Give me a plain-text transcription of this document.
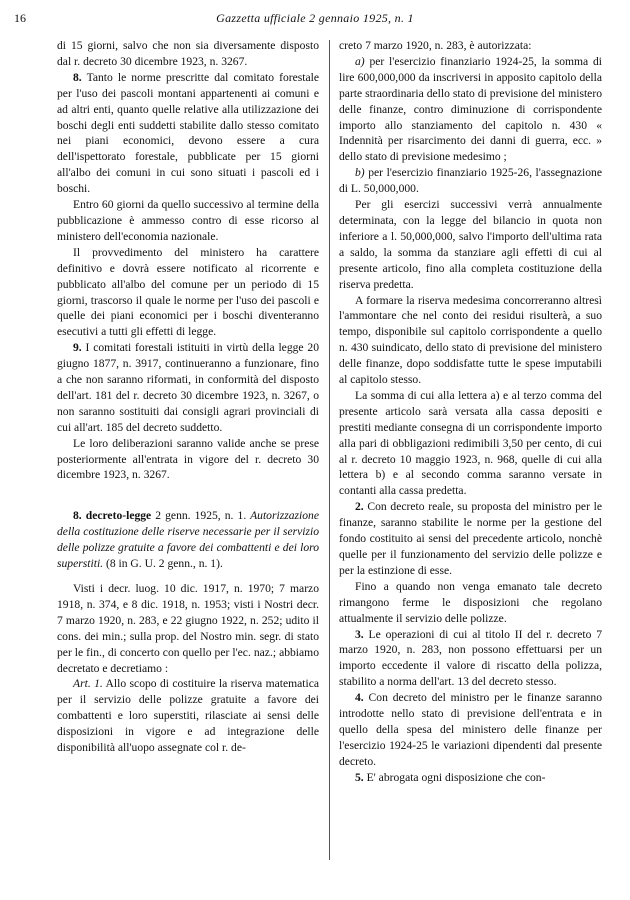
16	Gazzetta ufficiale 2 gennaio 1925, n. 1

di 15 giorni, salvo che non sia diversamente disposto dal r. decreto 30 dicembre 1923, n. 3267.

8. Tanto le norme prescritte dal comitato forestale per l'uso dei pascoli montani appartenenti ai comuni e ad altri enti, quanto quelle relative alla utilizzazione dei boschi degli enti suddetti stabilite dallo stesso comitato nei piani economici, devono essere a cura dell'ispettorato forestale, pubblicate per 15 giorni all'albo dei comuni in cui sono situati i pascoli ed i boschi.

Entro 60 giorni da quello successivo al termine della pubblicazione è ammesso contro di esse ricorso al ministero dell'economia nazionale.

Il provvedimento del ministero ha carattere definitivo e dovrà essere notificato al ricorrente e pubblicato all'albo del comune per un periodo di 15 giorni, trascorso il quale le norme per l'uso dei pascoli e quelle dei piani economici per i boschi diventeranno esecutivi a tutti gli effetti di legge.

9. I comitati forestali istituiti in virtù della legge 20 giugno 1877, n. 3917, continueranno a funzionare, fino a che non saranno riformati, in conformità del disposto dell'art. 181 del r. decreto 30 dicembre 1923, n. 3267, o non saranno sostituiti dai consigli agrari provinciali di cui all'art. 185 del decreto suddetto.

Le loro deliberazioni saranno valide anche se prese posteriormente all'entrata in vigore del r. decreto 30 dicembre 1923, n. 3267.

8. decreto-legge 2 genn. 1925, n. 1. Autorizzazione della costituzione delle riserve necessarie per il servizio delle polizze gratuite a favore dei combattenti e dei loro superstiti. (8 in G. U. 2 genn., n. 1).

Visti i decr. luog. 10 dic. 1917, n. 1970; 7 marzo 1918, n. 374, e 8 dic. 1918, n. 1953; visti i Nostri decr. 7 marzo 1920, n. 283, e 22 giugno 1922, n. 252; udito il cons. dei min.; sulla prop. del Nostro min. segr. di stato per le fin., di concerto con quello per l'ec. naz.; abbiamo decretato e decretiamo :

Art. 1. Allo scopo di costituire la riserva matematica per il servizio delle polizze gratuite a favore dei combattenti e loro superstiti, rilasciate ai sensi delle disposizioni in vigore e ad integrazione delle disponibilità all'uopo assegnate col r. de-

creto 7 marzo 1920, n. 283, è autorizzata:

a) per l'esercizio finanziario 1924-25, la somma di lire 600,000,000 da inscriversi in apposito capitolo della parte straordinaria dello stato di previsione del ministero delle finanze, contro diminuzione di corrispondente importo allo stanziamento del capitolo n. 430 « Indennità per risarcimento dei danni di guerra, ecc. » dello stato di previsione medesimo ;

b) per l'esercizio finanziario 1925-26, l'assegnazione di L. 50,000,000.

Per gli esercizi successivi verrà annualmente determinata, con la legge del bilancio in quota non inferiore a l. 50,000,000, salvo l'importo dell'ultima rata a saldo, la somma da stanziare agli effetti di cui al presente articolo, fino alla completa costituzione della riserva predetta.

A formare la riserva medesima concorreranno altresì l'ammontare che nel conto dei residui risulterà, a suo tempo, disponibile sul capitolo corrispondente a quello n. 430 suindicato, dello stato di previsione del ministero delle finanze, dopo soddisfatte tutte le spese imputabili al capitolo stesso.

La somma di cui alla lettera a) e al terzo comma del presente articolo sarà versata alla cassa depositi e prestiti mediante consegna di un corrispondente importo alla pari di obbligazioni redimibili 3,50 per cento, di cui al r. decreto 10 maggio 1923, n. 968, quelle di cui alla lettera b) e al secondo comma saranno versate in contanti alla cassa predetta.

2. Con decreto reale, su proposta del ministro per le finanze, saranno stabilite le norme per la gestione del fondo costituito ai sensi del precedente articolo, nonchè quelle per il funzionamento del servizio delle polizze e per la estinzione di esse.

Fino a quando non venga emanato tale decreto rimangono ferme le disposizioni che regolano attualmente il servizio delle polizze.

3. Le operazioni di cui al titolo II del r. decreto 7 marzo 1920, n. 283, non possono effettuarsi per un importo eccedente il valore di riscatto della polizza, stabilito a norma dell'art. 13 del decreto stesso.

4. Con decreto del ministro per le finanze saranno introdotte nello stato di previsione dell'entrata e in quello della spesa del ministero delle finanze per l'esercizio 1924-25 le variazioni dipendenti dal presente decreto.

5. E' abrogata ogni disposizione che con-
